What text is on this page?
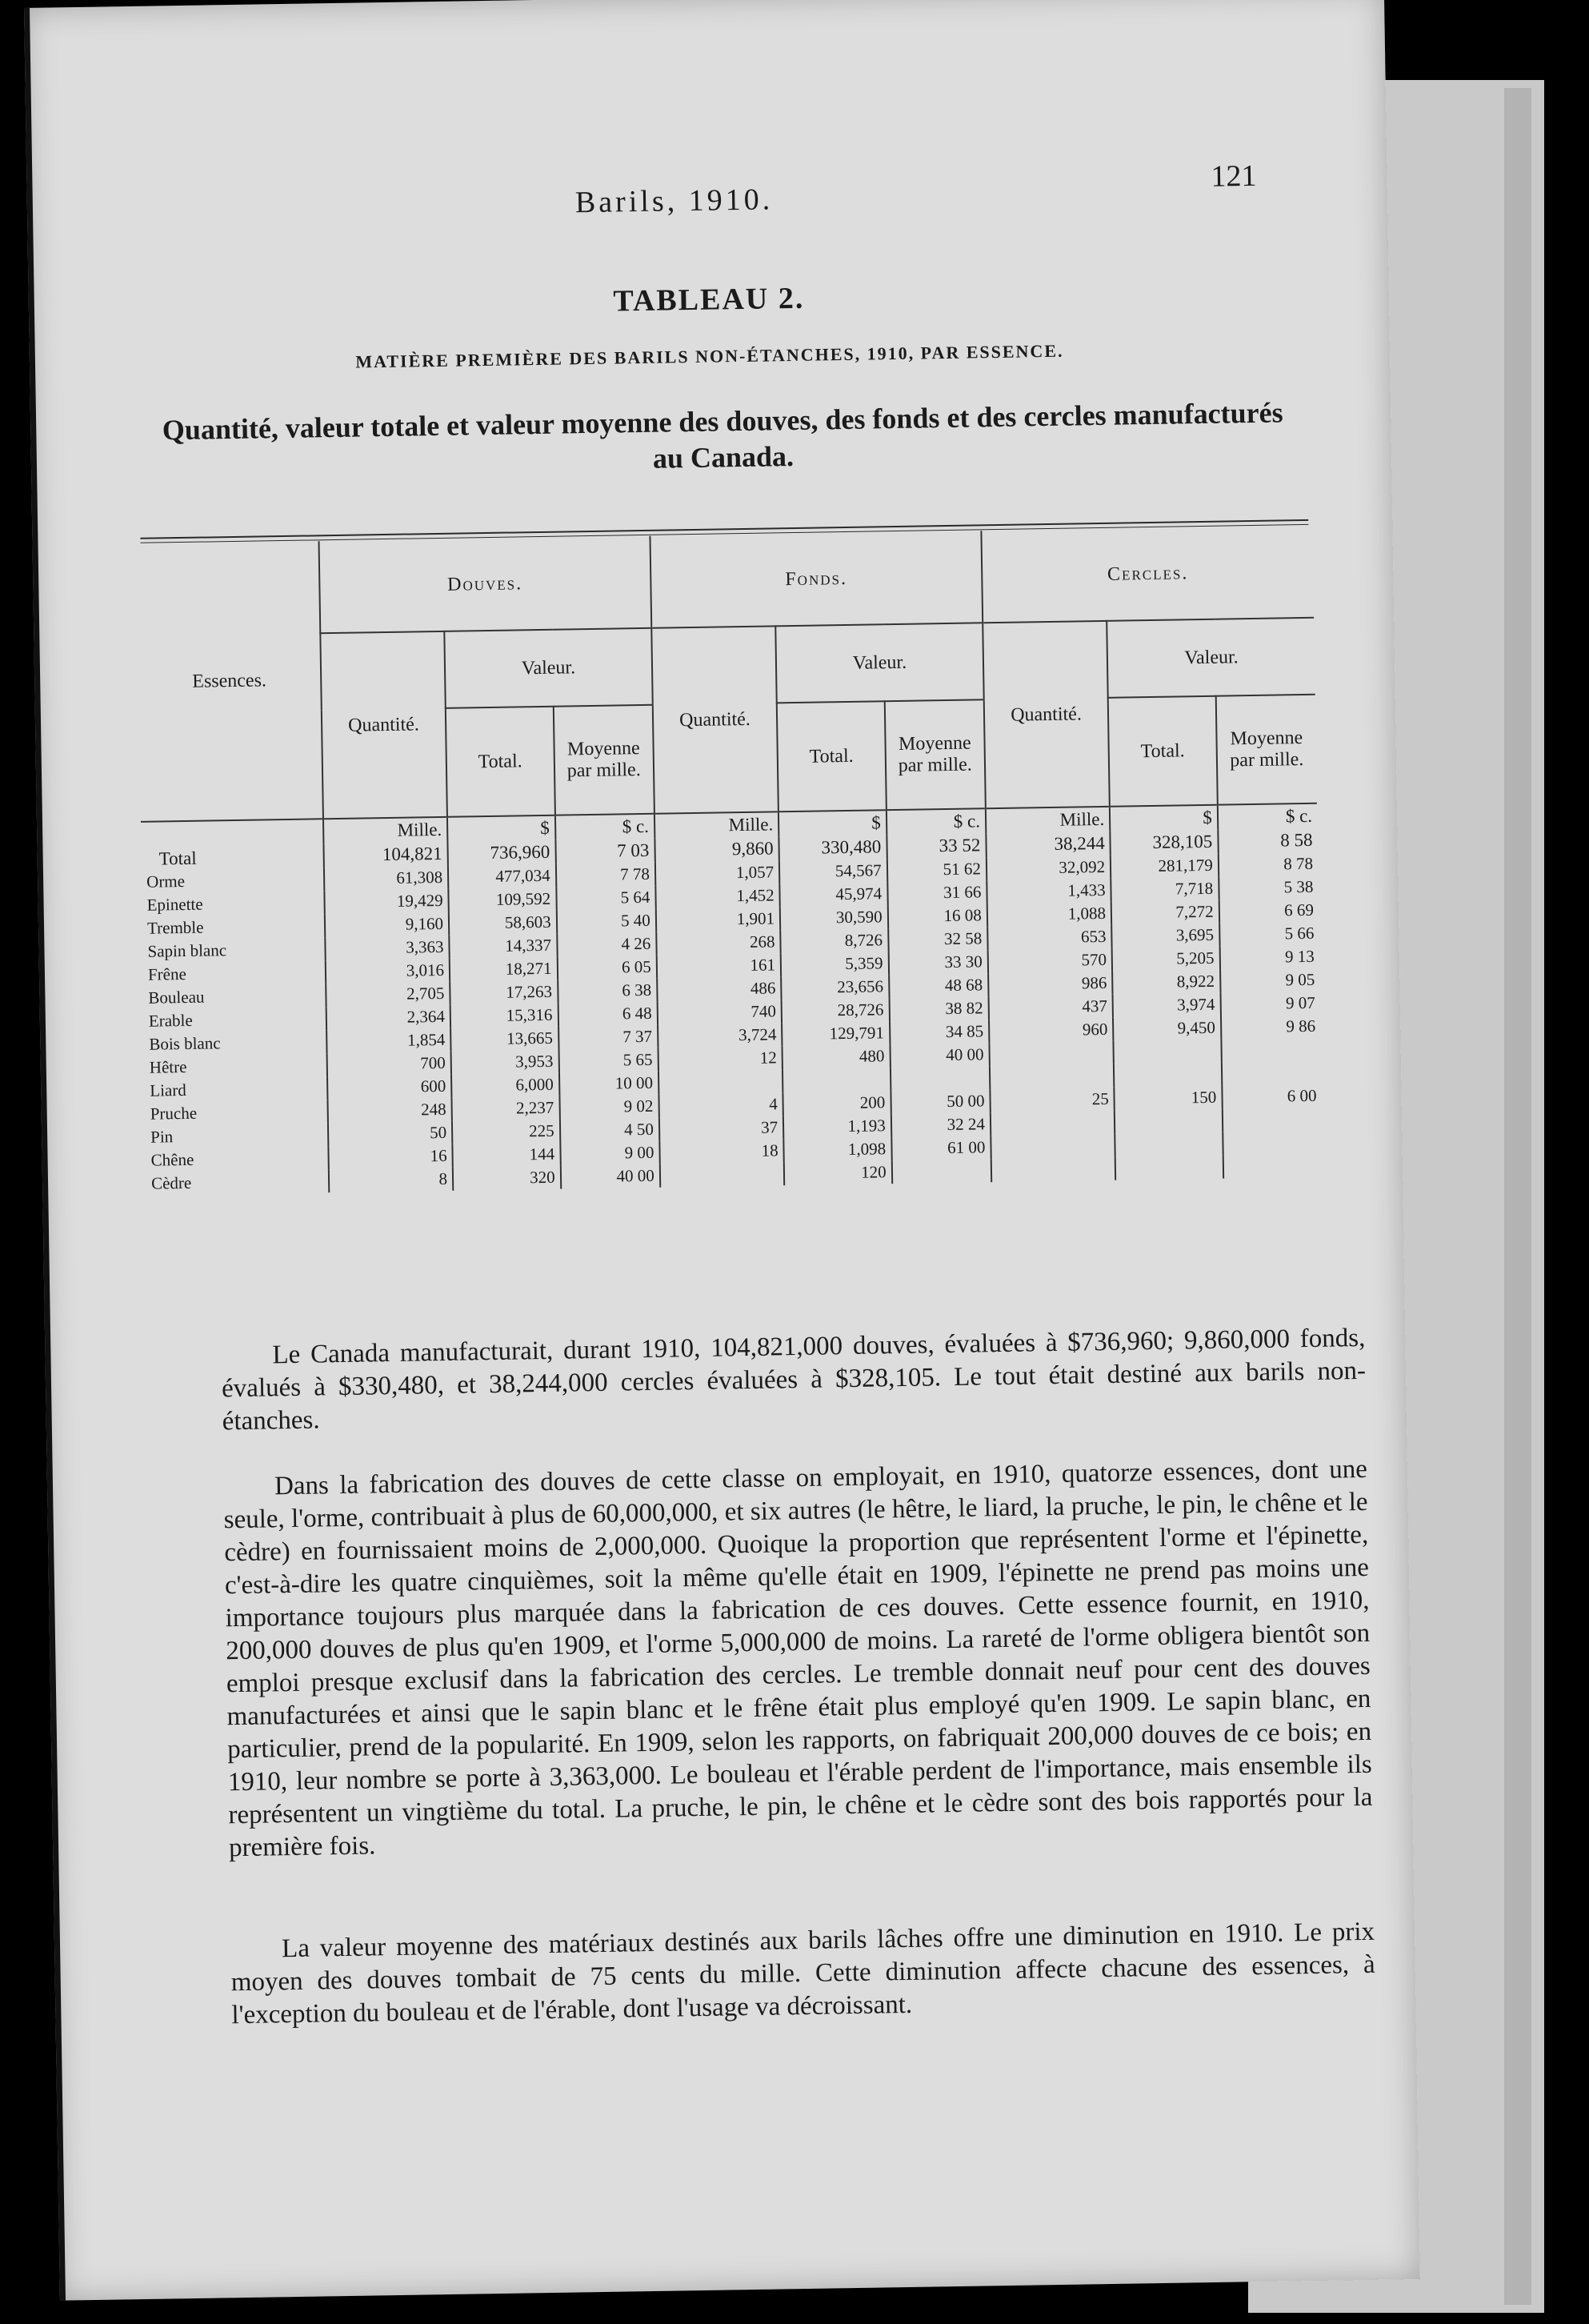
Barils, 1910.
121
TABLEAU 2.
MATIÈRE PREMIÈRE DES BARILS NON-ÉTANCHES, 1910, PAR ESSENCE.
Quantité, valeur totale et valeur moyenne des douves, des fonds et des cercles manufacturés au Canada.
Essences.	Douves.			Fonds.			Cercles.		
	Quantité.	Valeur.		Quantité.	Valeur.		Quantité.	Valeur.	
		Total.	Moyenne par mille.		Total.	Moyenne par mille.		Total.	Moyenne par mille.
	Mille.	$	$ c.	Mille.	$	$ c.	Mille.	$	$ c.
Total	104,821	736,960	7 03	9,860	330,480	33 52	38,244	328,105	8 58
Orme	61,308	477,034	7 78	1,057	54,567	51 62	32,092	281,179	8 78
Epinette	19,429	109,592	5 64	1,452	45,974	31 66	1,433	7,718	5 38
Tremble	9,160	58,603	5 40	1,901	30,590	16 08	1,088	7,272	6 69
Sapin blanc	3,363	14,337	4 26	268	8,726	32 58	653	3,695	5 66
Frêne	3,016	18,271	6 05	161	5,359	33 30	570	5,205	9 13
Bouleau	2,705	17,263	6 38	486	23,656	48 68	986	8,922	9 05
Erable	2,364	15,316	6 48	740	28,726	38 82	437	3,974	9 07
Bois blanc	1,854	13,665	7 37	3,724	129,791	34 85	960	9,450	9 86
Hêtre	700	3,953	5 65	12	480	40 00			
Liard	600	6,000	10 00						
Pruche	248	2,237	9 02	4	200	50 00	25	150	6 00
Pin	50	225	4 50	37	1,193	32 24			
Chêne	16	144	9 00	18	1,098	61 00			
Cèdre	8	320	40 00		120				

Le Canada manufacturait, durant 1910, 104,821,000 douves, évaluées à $736,960; 9,860,000 fonds, évalués à $330,480, et 38,244,000 cercles évaluées à $328,105. Le tout était destiné aux barils non-étanches.

Dans la fabrication des douves de cette classe on employait, en 1910, quatorze essences, dont une seule, l'orme, contribuait à plus de 60,000,000, et six autres (le hêtre, le liard, la pruche, le pin, le chêne et le cèdre) en fournissaient moins de 2,000,000. Quoique la proportion que représentent l'orme et l'épinette, c'est-à-dire les quatre cinquièmes, soit la même qu'elle était en 1909, l'épinette ne prend pas moins une importance toujours plus marquée dans la fabrication de ces douves. Cette essence fournit, en 1910, 200,000 douves de plus qu'en 1909, et l'orme 5,000,000 de moins. La rareté de l'orme obligera bientôt son emploi presque exclusif dans la fabrication des cercles. Le tremble donnait neuf pour cent des douves manufacturées et ainsi que le sapin blanc et le frêne était plus employé qu'en 1909. Le sapin blanc, en particulier, prend de la popularité. En 1909, selon les rapports, on fabriquait 200,000 douves de ce bois; en 1910, leur nombre se porte à 3,363,000. Le bouleau et l'érable perdent de l'importance, mais ensemble ils représentent un vingtième du total. La pruche, le pin, le chêne et le cèdre sont des bois rapportés pour la première fois.

La valeur moyenne des matériaux destinés aux barils lâches offre une diminution en 1910. Le prix moyen des douves tombait de 75 cents du mille. Cette diminution affecte chacune des essences, à l'exception du bouleau et de l'érable, dont l'usage va décroissant.
